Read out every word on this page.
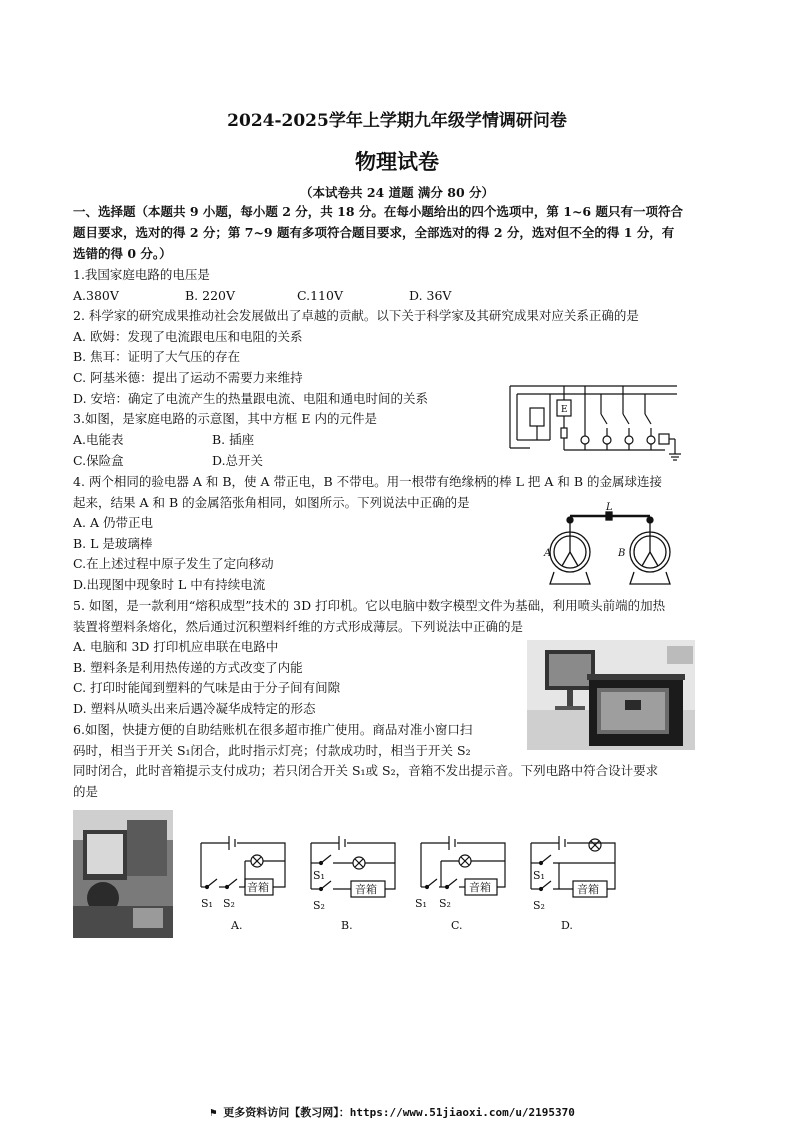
2024-2025学年上学期九年级学情调研问卷
物理试卷
（本试卷共 24 道题 满分 80 分）
一、选择题（本题共 9 小题，每小题 2 分，共 18 分。在每小题给出的四个选项中，第 1~6 题只有一项符合
题目要求，选对的得 2 分；第 7~9 题有多项符合题目要求，全部选对的得 2 分，选对但不全的得 1 分，有
选错的得 0 分。）
1.我国家庭电路的电压是
A.380V	B. 220V	C.110V	D. 36V
2. 科学家的研究成果推动社会发展做出了卓越的贡献。以下关于科学家及其研究成果对应关系正确的是
A. 欧姆：发现了电流跟电压和电阻的关系
B. 焦耳：证明了大气压的存在
C. 阿基米德：提出了运动不需要力来维持
D. 安培：确定了电流产生的热量跟电流、电阻和通电时间的关系
3.如图，是家庭电路的示意图，其中方框 E 内的元件是
A.电能表	B. 插座
C.保险盒	D.总开关
E
4. 两个相同的验电器 A 和 B，使 A 带正电，B 不带电。用一根带有绝缘柄的棒 L 把 A 和 B 的金属球连接
起来，结果 A 和 B 的金属箔张角相同，如图所示。下列说法中正确的是
A. A 仍带正电
B. L 是玻璃棒
C.在上述过程中原子发生了定向移动
D.出现图中现象时 L 中有持续电流
L
A	B
5. 如图，是一款利用“熔积成型”技术的 3D 打印机。它以电脑中数字模型文件为基础，利用喷头前端的加热
装置将塑料条熔化，然后通过沉积塑料纤维的方式形成薄层。下列说法中正确的是
A. 电脑和 3D 打印机应串联在电路中
B. 塑料条是利用热传递的方式改变了内能
C. 打印时能闻到塑料的气味是由于分子间有间隙
D. 塑料从喷头出来后遇冷凝华成特定的形态
6.如图，快捷方便的自助结账机在很多超市推广使用。商品对准小窗口扫
码时，相当于开关 S₁闭合，此时指示灯亮；付款成功时，相当于开关 S₂
同时闭合，此时音箱提示支付成功；若只闭合开关 S₁或 S₂，音箱不发出提示音。下列电路中符合设计要求
的是
音箱
S₁ S₂
A.
音箱
S₁
S₂
B.
音箱
S₁ S₂
C.
音箱
S₁
S₂
D.
⚑ 更多资料访问【教习网】：https://www.51jiaoxi.com/u/2195370
